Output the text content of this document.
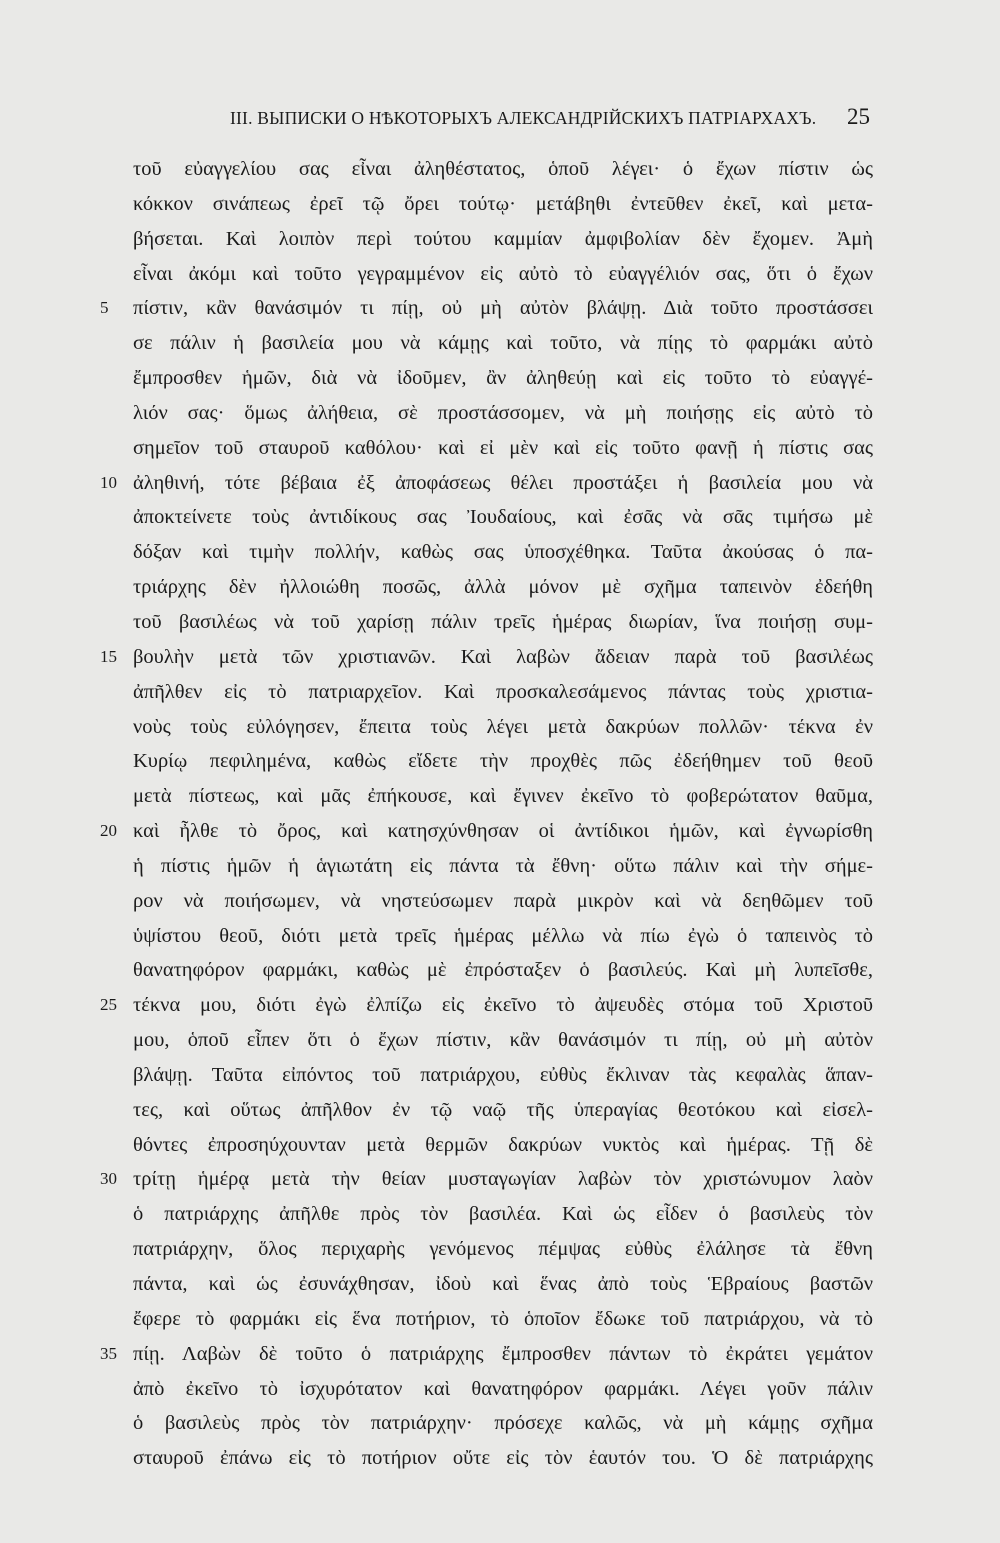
III. ВЫПИСКИ О НѢКОТОРЫХЪ АЛЕКСАНДРІЙСКИХЪ ПАТРІАРХАХЪ. 25
τοῦ εὐαγγελίου σας εἶναι ἀληθέστατος, ὁποῦ λέγει· ὁ ἔχων πίστιν ὡς
κόκκον σινάπεως ἐρεῖ τῷ ὄρει τούτῳ· μετάβηθι ἐντεῦθεν ἐκεῖ, καὶ μετα-
βήσεται. Καὶ λοιπὸν περὶ τούτου καμμίαν ἀμφιβολίαν δὲν ἔχομεν. Ἀμὴ
εἶναι ἀκόμι καὶ τοῦτο γεγραμμένον εἰς αὐτὸ τὸ εὐαγγέλιόν σας, ὅτι ὁ ἔχων
5	πίστιν, κἂν θανάσιμόν τι πίῃ, οὐ μὴ αὐτὸν βλάψῃ. Διὰ τοῦτο προστάσσει
σε πάλιν ἡ βασιλεία μου νὰ κάμῃς καὶ τοῦτο, νὰ πίῃς τὸ φαρμάκι αὐτὸ
ἔμπροσθεν ἡμῶν, διὰ νὰ ἰδοῦμεν, ἂν ἀληθεύῃ καὶ εἰς τοῦτο τὸ εὐαγγέ-
λιόν σας· ὅμως ἀλήθεια, σὲ προστάσσομεν, νὰ μὴ ποιήσῃς εἰς αὐτὸ τὸ
σημεῖον τοῦ σταυροῦ καθόλου· καὶ εἰ μὲν καὶ εἰς τοῦτο φανῇ ἡ πίστις σας
10 ἀληθινή, τότε βέβαια ἐξ ἀποφάσεως θέλει προστάξει ἡ βασιλεία μου νὰ
ἀποκτείνετε τοὺς ἀντιδίκους σας Ἰουδαίους, καὶ ἐσᾶς νὰ σᾶς τιμήσω μὲ
δόξαν καὶ τιμὴν πολλήν, καθὼς σας ὑποσχέθηκα. Ταῦτα ἀκούσας ὁ πα-
τριάρχης δὲν ἠλλοιώθη ποσῶς, ἀλλὰ μόνον μὲ σχῆμα ταπεινὸν ἐδεήθη
τοῦ βασιλέως νὰ τοῦ χαρίσῃ πάλιν τρεῖς ἡμέρας διωρίαν, ἵνα ποιήσῃ συμ-
15 βουλὴν μετὰ τῶν χριστιανῶν. Καὶ λαβὼν ἄδειαν παρὰ τοῦ βασιλέως
ἀπῆλθεν εἰς τὸ πατριαρχεῖον. Καὶ προσκαλεσάμενος πάντας τοὺς χριστια-
νοὺς τοὺς εὐλόγησεν, ἔπειτα τοὺς λέγει μετὰ δακρύων πολλῶν· τέκνα ἐν
Κυρίῳ πεφιλημένα, καθὼς εἴδετε τὴν προχθὲς πῶς ἐδεήθημεν τοῦ θεοῦ
μετὰ πίστεως, καὶ μᾶς ἐπήκουσε, καὶ ἔγινεν ἐκεῖνο τὸ φοβερώτατον θαῦμα,
20 καὶ ἦλθε τὸ ὄρος, καὶ κατησχύνθησαν οἱ ἀντίδικοι ἡμῶν, καὶ ἐγνωρίσθη
ἡ πίστις ἡμῶν ἡ ἁγιωτάτη εἰς πάντα τὰ ἔθνη· οὕτω πάλιν καὶ τὴν σήμε-
ρον νὰ ποιήσωμεν, νὰ νηστεύσωμεν παρὰ μικρὸν καὶ νὰ δεηθῶμεν τοῦ
ὑψίστου θεοῦ, διότι μετὰ τρεῖς ἡμέρας μέλλω νὰ πίω ἐγὼ ὁ ταπεινὸς τὸ
θανατηφόρον φαρμάκι, καθὼς μὲ ἐπρόσταξεν ὁ βασιλεύς. Καὶ μὴ λυπεῖσθε,
25 τέκνα μου, διότι ἐγὼ ἐλπίζω εἰς ἐκεῖνο τὸ ἀψευδὲς στόμα τοῦ Χριστοῦ
μου, ὁποῦ εἶπεν ὅτι ὁ ἔχων πίστιν, κἂν θανάσιμόν τι πίῃ, οὐ μὴ αὐτὸν
βλάψῃ. Ταῦτα εἰπόντος τοῦ πατριάρχου, εὐθὺς ἔκλιναν τὰς κεφαλὰς ἅπαν-
τες, καὶ οὕτως ἀπῆλθον ἐν τῷ ναῷ τῆς ὑπεραγίας θεοτόκου καὶ εἰσελ-
θόντες ἐπροσηύχουνταν μετὰ θερμῶν δακρύων νυκτὸς καὶ ἡμέρας. Τῇ δὲ
30 τρίτῃ ἡμέρᾳ μετὰ τὴν θείαν μυσταγωγίαν λαβὼν τὸν χριστώνυμον λαὸν
ὁ πατριάρχης ἀπῆλθε πρὸς τὸν βασιλέα. Καὶ ὡς εἶδεν ὁ βασιλεὺς τὸν
πατριάρχην, ὅλος περιχαρὴς γενόμενος πέμψας εὐθὺς ἐλάλησε τὰ ἔθνη
πάντα, καὶ ὡς ἐσυνάχθησαν, ἰδοὺ καὶ ἕνας ἀπὸ τοὺς Ἑβραίους βαστῶν
ἔφερε τὸ φαρμάκι εἰς ἕνα ποτήριον, τὸ ὁποῖον ἔδωκε τοῦ πατριάρχου, νὰ τὸ
35 πίῃ. Λαβὼν δὲ τοῦτο ὁ πατριάρχης ἔμπροσθεν πάντων τὸ ἐκράτει γεμάτον
ἀπὸ ἐκεῖνο τὸ ἰσχυρότατον καὶ θανατηφόρον φαρμάκι. Λέγει γοῦν πάλιν
ὁ βασιλεὺς πρὸς τὸν πατριάρχην· πρόσεχε καλῶς, νὰ μὴ κάμῃς σχῆμα
σταυροῦ ἐπάνω εἰς τὸ ποτήριον οὔτε εἰς τὸν ἑαυτόν του. Ὁ δὲ πατριάρχης
